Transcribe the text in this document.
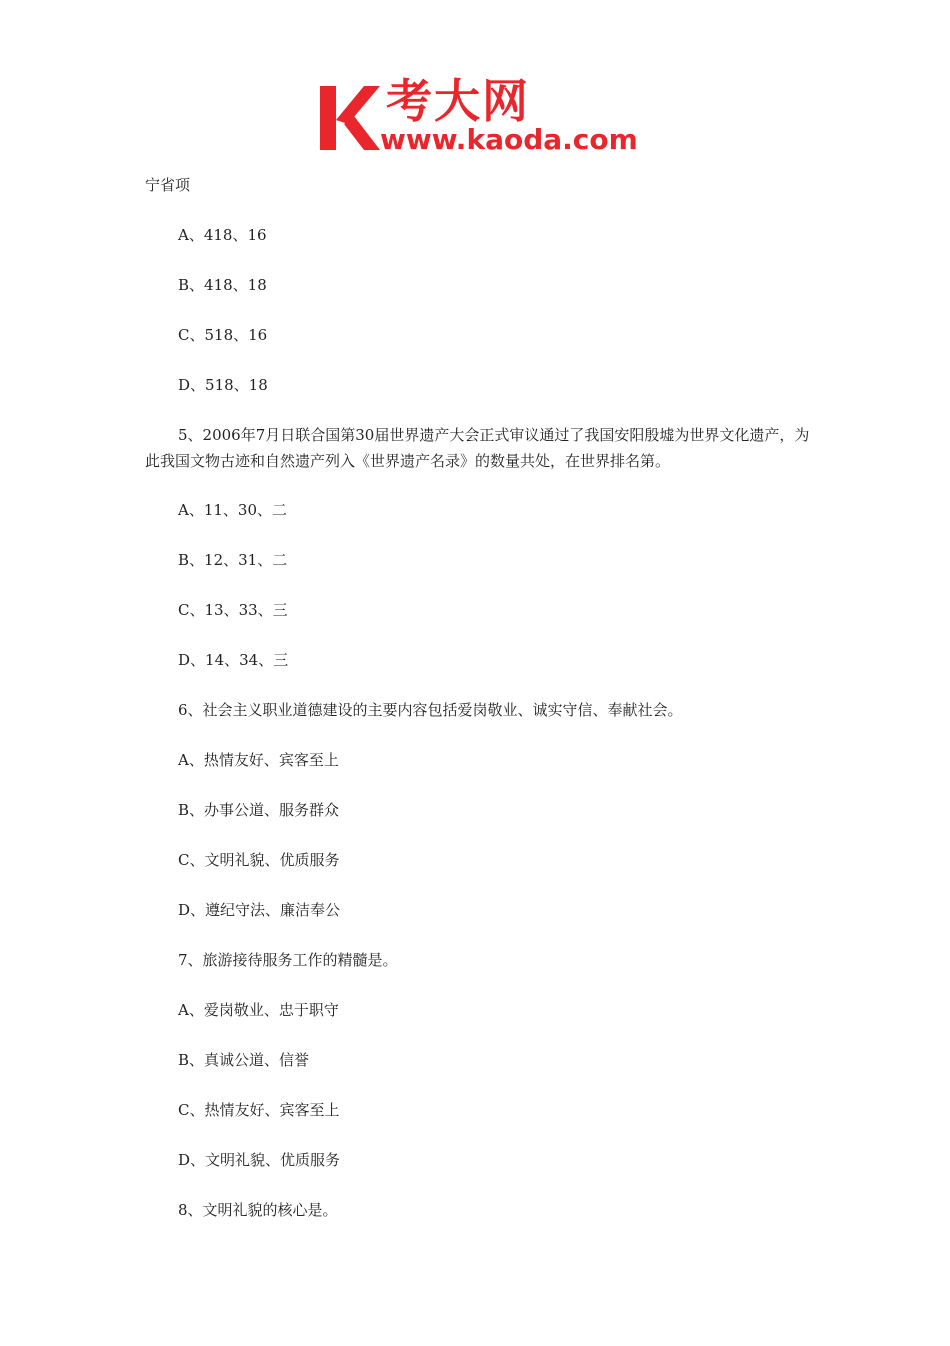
考大网
www.kaoda.com
宁省项
A、418、16
B、418、18
C、518、16
D、518、18
5、2006年7月日联合国第30届世界遗产大会正式审议通过了我国安阳殷墟为世界文化遗产，为此我国文物古迹和自然遗产列入《世界遗产名录》的数量共处，在世界排名第。
A、11、30、二
B、12、31、二
C、13、33、三
D、14、34、三
6、社会主义职业道德建设的主要内容包括爱岗敬业、诚实守信、奉献社会。
A、热情友好、宾客至上
B、办事公道、服务群众
C、文明礼貌、优质服务
D、遵纪守法、廉洁奉公
7、旅游接待服务工作的精髓是。
A、爱岗敬业、忠于职守
B、真诚公道、信誉
C、热情友好、宾客至上
D、文明礼貌、优质服务
8、文明礼貌的核心是。
